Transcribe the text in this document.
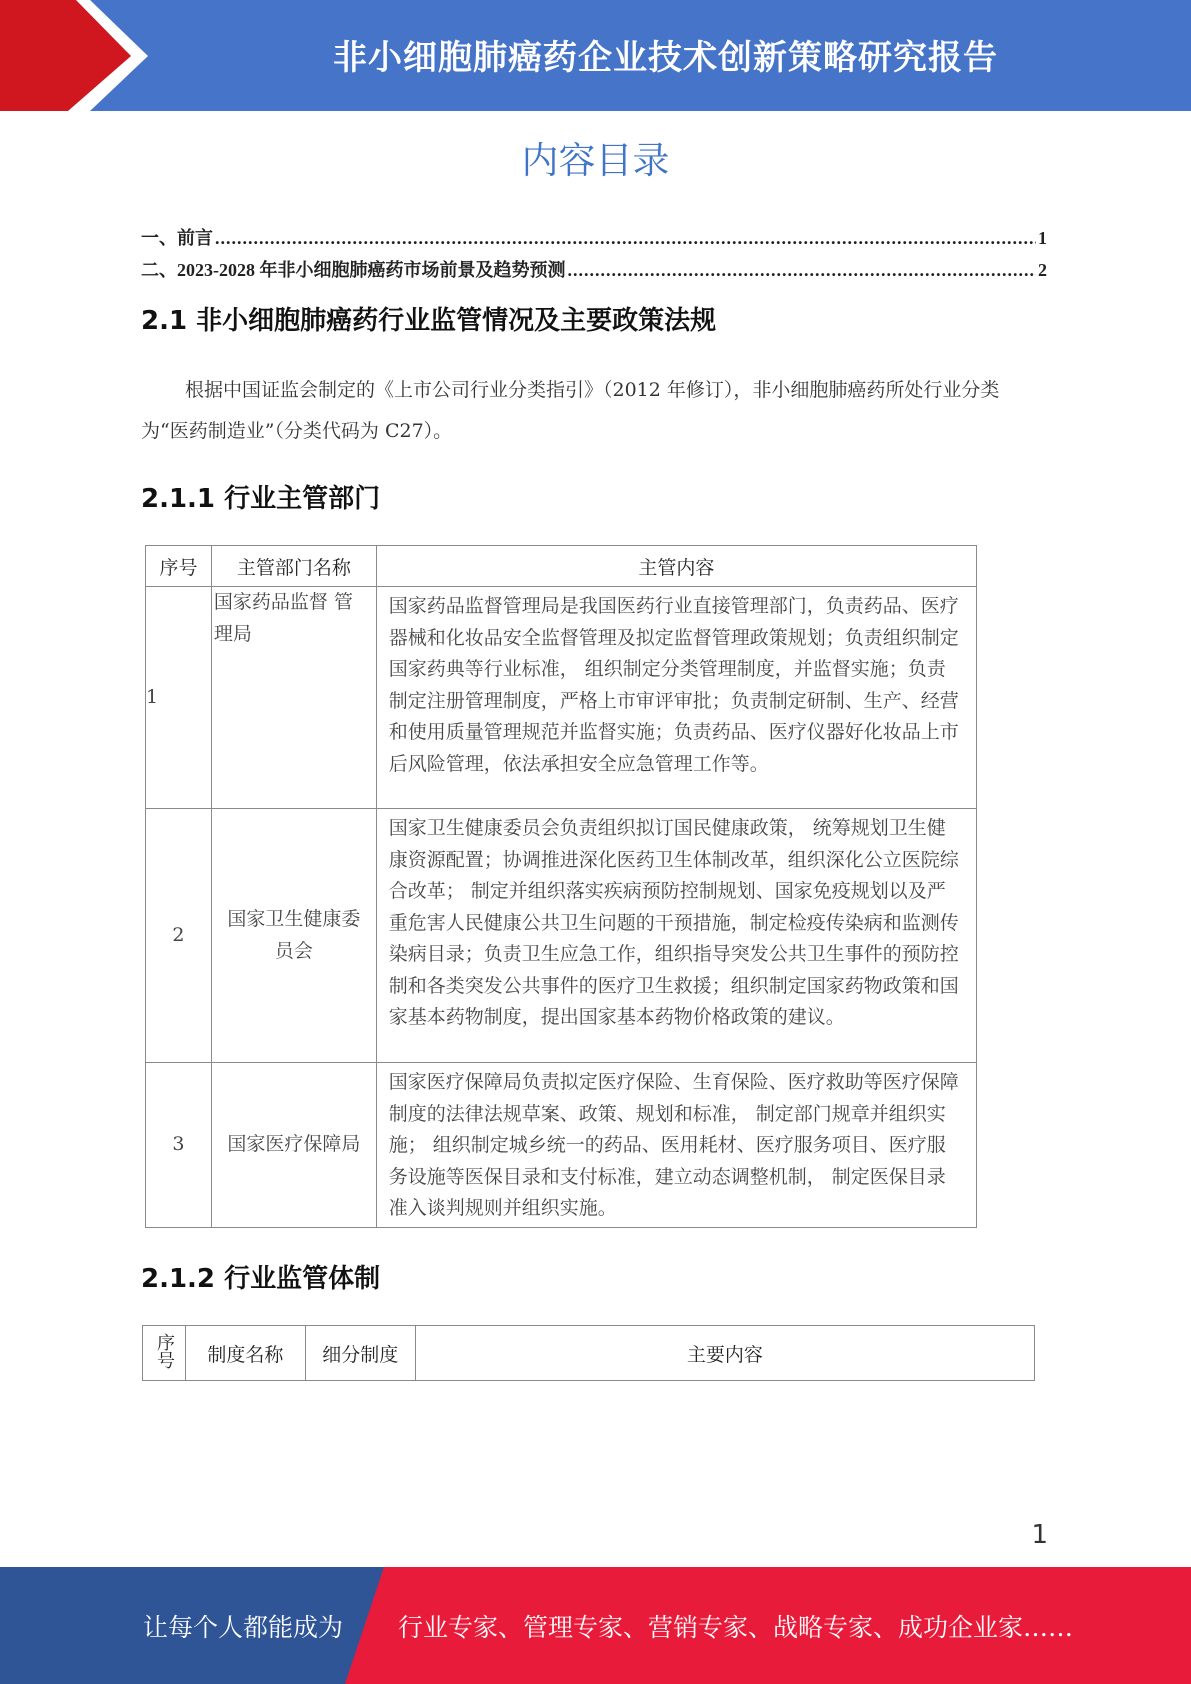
非小细胞肺癌药企业技术创新策略研究报告
内容目录
一、前言 .....	1
二、2023-2028 年非小细胞肺癌药市场前景及趋势预测 .....	2
2.1 非小细胞肺癌药行业监管情况及主要政策法规
根据中国证监会制定的《上市公司行业分类指引》（2012 年修订），非小细胞肺癌药所处行业分类为“医药制造业”（分类代码为 C27）。
2.1.1 行业主管部门
序号	主管部门名称	主管内容
1	国家药品监督 管理局	国家药品监督管理局是我国医药行业直接管理部门，负责药品、医疗器械和化妆品安全监督管理及拟定监督管理政策规划；负责组织制定国家药典等行业标准， 组织制定分类管理制度，并监督实施；负责制定注册管理制度，严格上市审评审批；负责制定研制、生产、经营和使用质量管理规范并监督实施；负责药品、医疗仪器好化妆品上市后风险管理，依法承担安全应急管理工作等。
2	国家卫生健康委员会	国家卫生健康委员会负责组织拟订国民健康政策， 统筹规划卫生健康资源配置；协调推进深化医药卫生体制改革，组织深化公立医院综合改革； 制定并组织落实疾病预防控制规划、国家免疫规划以及严重危害人民健康公共卫生问题的干预措施，制定检疫传染病和监测传染病目录；负责卫生应急工作，组织指导突发公共卫生事件的预防控制和各类突发公共事件的医疗卫生救援；组织制定国家药物政策和国家基本药物制度，提出国家基本药物价格政策的建议。
3	国家医疗保障局	国家医疗保障局负责拟定医疗保险、生育保险、医疗救助等医疗保障制度的法律法规草案、政策、规划和标准， 制定部门规章并组织实施； 组织制定城乡统一的药品、医用耗材、医疗服务项目、医疗服务设施等医保目录和支付标准，建立动态调整机制， 制定医保目录准入谈判规则并组织实施。
2.1.2 行业监管体制
序号	制度名称	细分制度	主要内容
1
让每个人都能成为 行业专家、管理专家、营销专家、战略专家、成功企业家……
